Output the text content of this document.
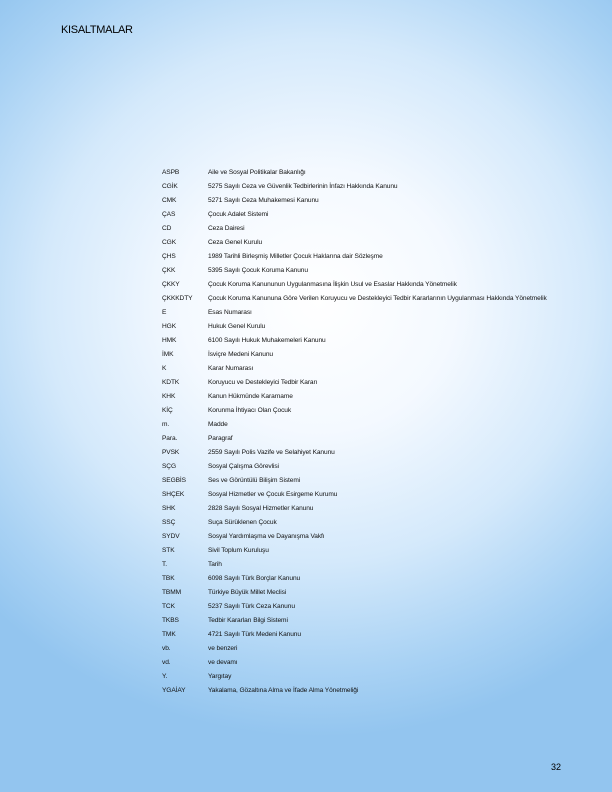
KISALTMALAR
ASPB	Aile ve Sosyal Politikalar Bakanlığı
CGİK	5275 Sayılı Ceza ve Güvenlik Tedbirlerinin İnfazı Hakkında Kanunu
CMK	5271 Sayılı Ceza Muhakemesi Kanunu
ÇAS	Çocuk Adalet Sistemi
CD	Ceza Dairesi
CGK	Ceza Genel Kurulu
ÇHS	1989 Tarihli Birleşmiş Milletler Çocuk Haklarına dair Sözleşme
ÇKK	5395 Sayılı Çocuk Koruma Kanunu
ÇKKY	Çocuk Koruma Kanununun Uygulanmasına İlişkin Usul ve Esaslar Hakkında Yönetmelik
ÇKKKDTY	Çocuk Koruma Kanununa Göre Verilen Koruyucu ve Destekleyici Tedbir Kararlarının Uygulanması Hakkında Yönetmelik
E	Esas Numarası
HGK	Hukuk Genel Kurulu
HMK	6100 Sayılı Hukuk Muhakemeleri Kanunu
İMK	İsviçre Medeni Kanunu
K	Karar Numarası
KDTK	Koruyucu ve Destekleyici Tedbir Kararı
KHK	Kanun Hükmünde Kararname
KİÇ	Korunma İhtiyacı Olan Çocuk
m.	Madde
Para.	Paragraf
PVSK	2559 Sayılı Polis Vazife ve Selahiyet Kanunu
SÇG	Sosyal Çalışma Görevlisi
SEGBİS	Ses ve Görüntülü Bilişim Sistemi
SHÇEK	Sosyal Hizmetler ve Çocuk Esirgeme Kurumu
SHK	2828 Sayılı Sosyal Hizmetler Kanunu
SSÇ	Suça Sürüklenen Çocuk
SYDV	Sosyal Yardımlaşma ve Dayanışma Vakfı
STK	Sivil Toplum Kuruluşu
T.	Tarih
TBK	6098 Sayılı Türk Borçlar Kanunu
TBMM	Türkiye Büyük Millet Meclisi
TCK	5237 Sayılı Türk Ceza Kanunu
TKBS	Tedbir Kararları Bilgi Sistemi
TMK	4721 Sayılı Türk Medeni Kanunu
vb.	ve benzeri
vd.	ve devamı
Y.	Yargıtay
YGAİAY	Yakalama, Gözaltına Alma ve İfade Alma Yönetmeliği
32
